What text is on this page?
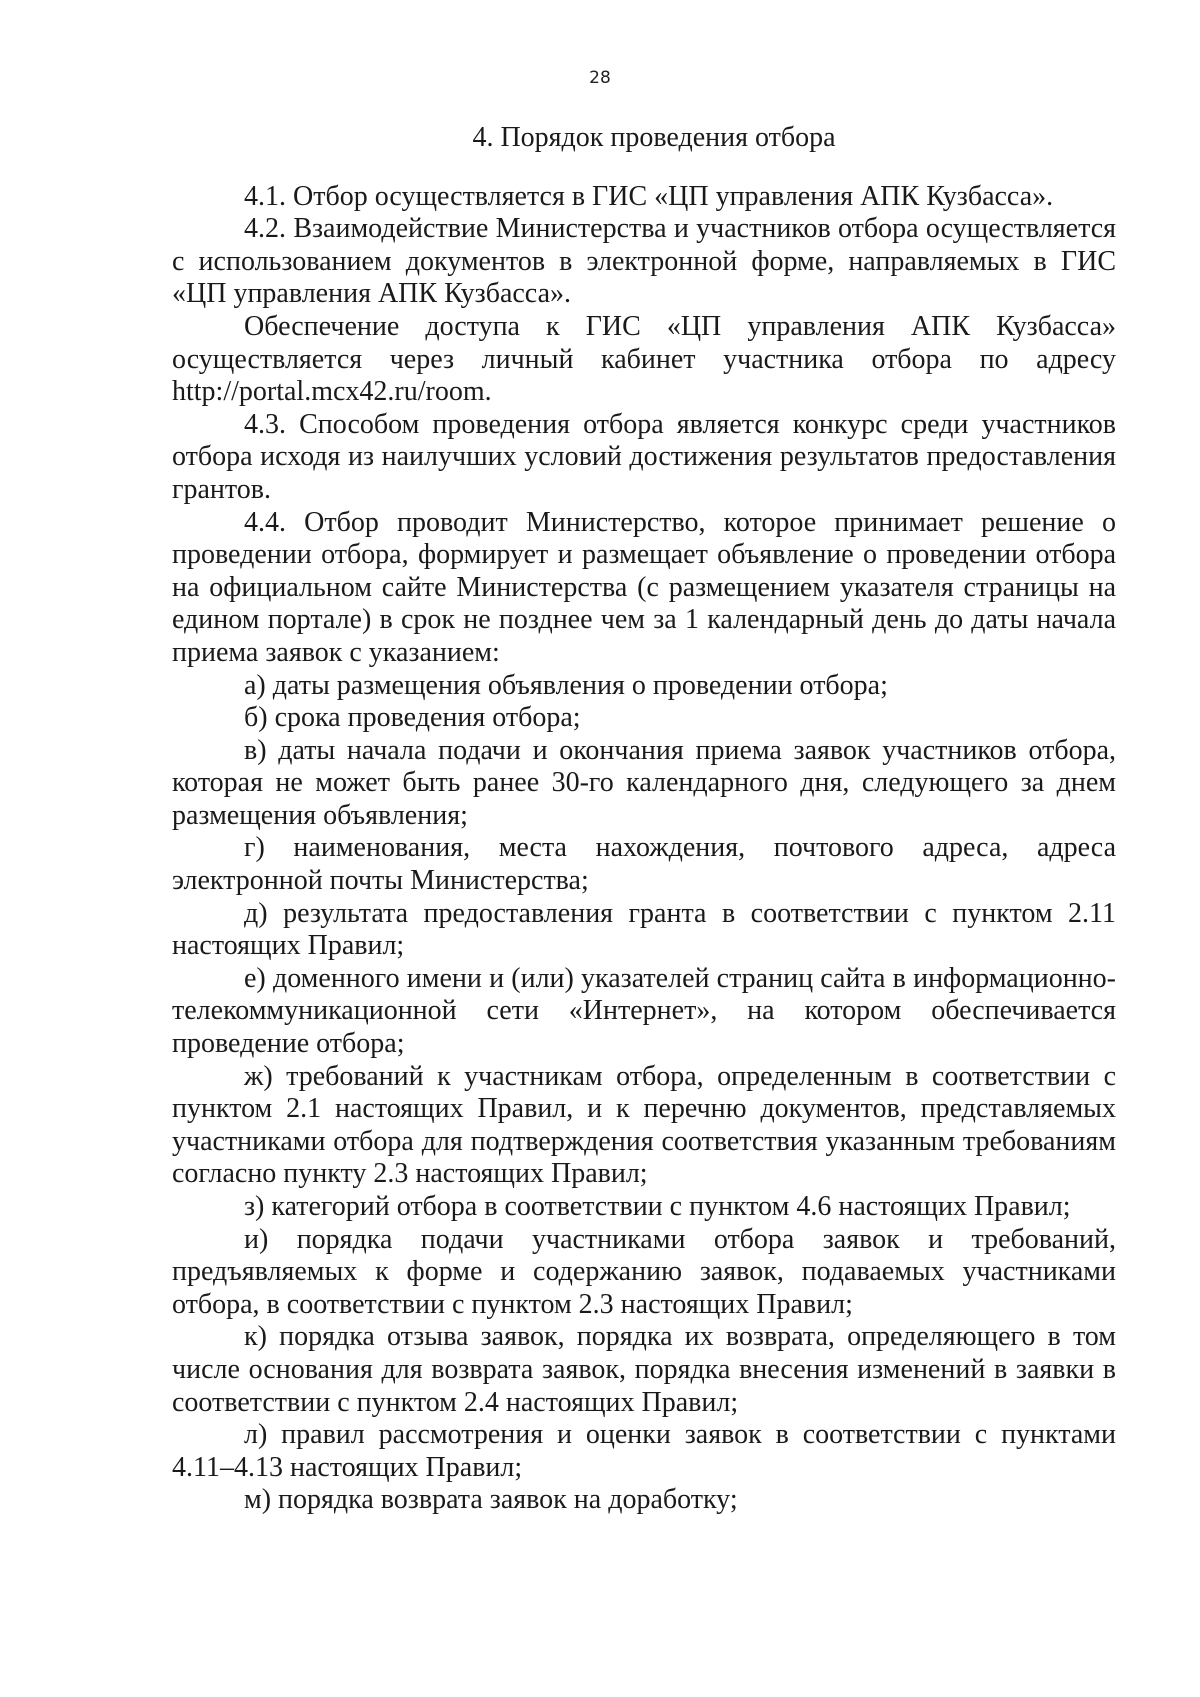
28

4. Порядок проведения отбора

4.1. Отбор осуществляется в ГИС «ЦП управления АПК Кузбасса».

4.2. Взаимодействие Министерства и участников отбора осуществляется с использованием документов в электронной форме, направляемых в ГИС «ЦП управления АПК Кузбасса».

Обеспечение доступа к ГИС «ЦП управления АПК Кузбасса» осуществляется через личный кабинет участника отбора по адресу http://portal.mcx42.ru/room.

4.3. Способом проведения отбора является конкурс среди участников отбора исходя из наилучших условий достижения результатов предоставления грантов.

4.4. Отбор проводит Министерство, которое принимает решение о проведении отбора, формирует и размещает объявление о проведении отбора на официальном сайте Министерства (с размещением указателя страницы на едином портале) в срок не позднее чем за 1 календарный день до даты начала приема заявок с указанием:

а) даты размещения объявления о проведении отбора;

б) срока проведения отбора;

в) даты начала подачи и окончания приема заявок участников отбора, которая не может быть ранее 30-го календарного дня, следующего за днем размещения объявления;

г) наименования, места нахождения, почтового адреса, адреса электронной почты Министерства;

д) результата предоставления гранта в соответствии с пунктом 2.11 настоящих Правил;

е) доменного имени и (или) указателей страниц сайта в информационно-телекоммуникационной сети «Интернет», на котором обеспечивается проведение отбора;

ж) требований к участникам отбора, определенным в соответствии с пунктом 2.1 настоящих Правил, и к перечню документов, представляемых участниками отбора для подтверждения соответствия указанным требованиям согласно пункту 2.3 настоящих Правил;

з) категорий отбора в соответствии с пунктом 4.6 настоящих Правил;

и) порядка подачи участниками отбора заявок и требований, предъявляемых к форме и содержанию заявок, подаваемых участниками отбора, в соответствии с пунктом 2.3 настоящих Правил;

к) порядка отзыва заявок, порядка их возврата, определяющего в том числе основания для возврата заявок, порядка внесения изменений в заявки в соответствии с пунктом 2.4 настоящих Правил;

л) правил рассмотрения и оценки заявок в соответствии с пунктами 4.11–4.13 настоящих Правил;

м) порядка возврата заявок на доработку;
